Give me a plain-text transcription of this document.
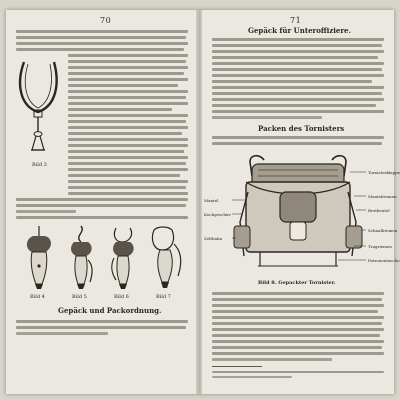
70
Bild 3
Bild 4	Bild 5	Bild 6	Bild 7
Gepäck und Packordnung.
71
Gepäck für Unteroffiziere.
Packen des Tornisters
Mantel
Kochgeschirr
Zeltbahn
Tornisterklappe
Mantelriemen
Brotbeutel
Schnallriemen
Tragriemen
Patronentasche
Bild 8. Gepackter Tornister.
